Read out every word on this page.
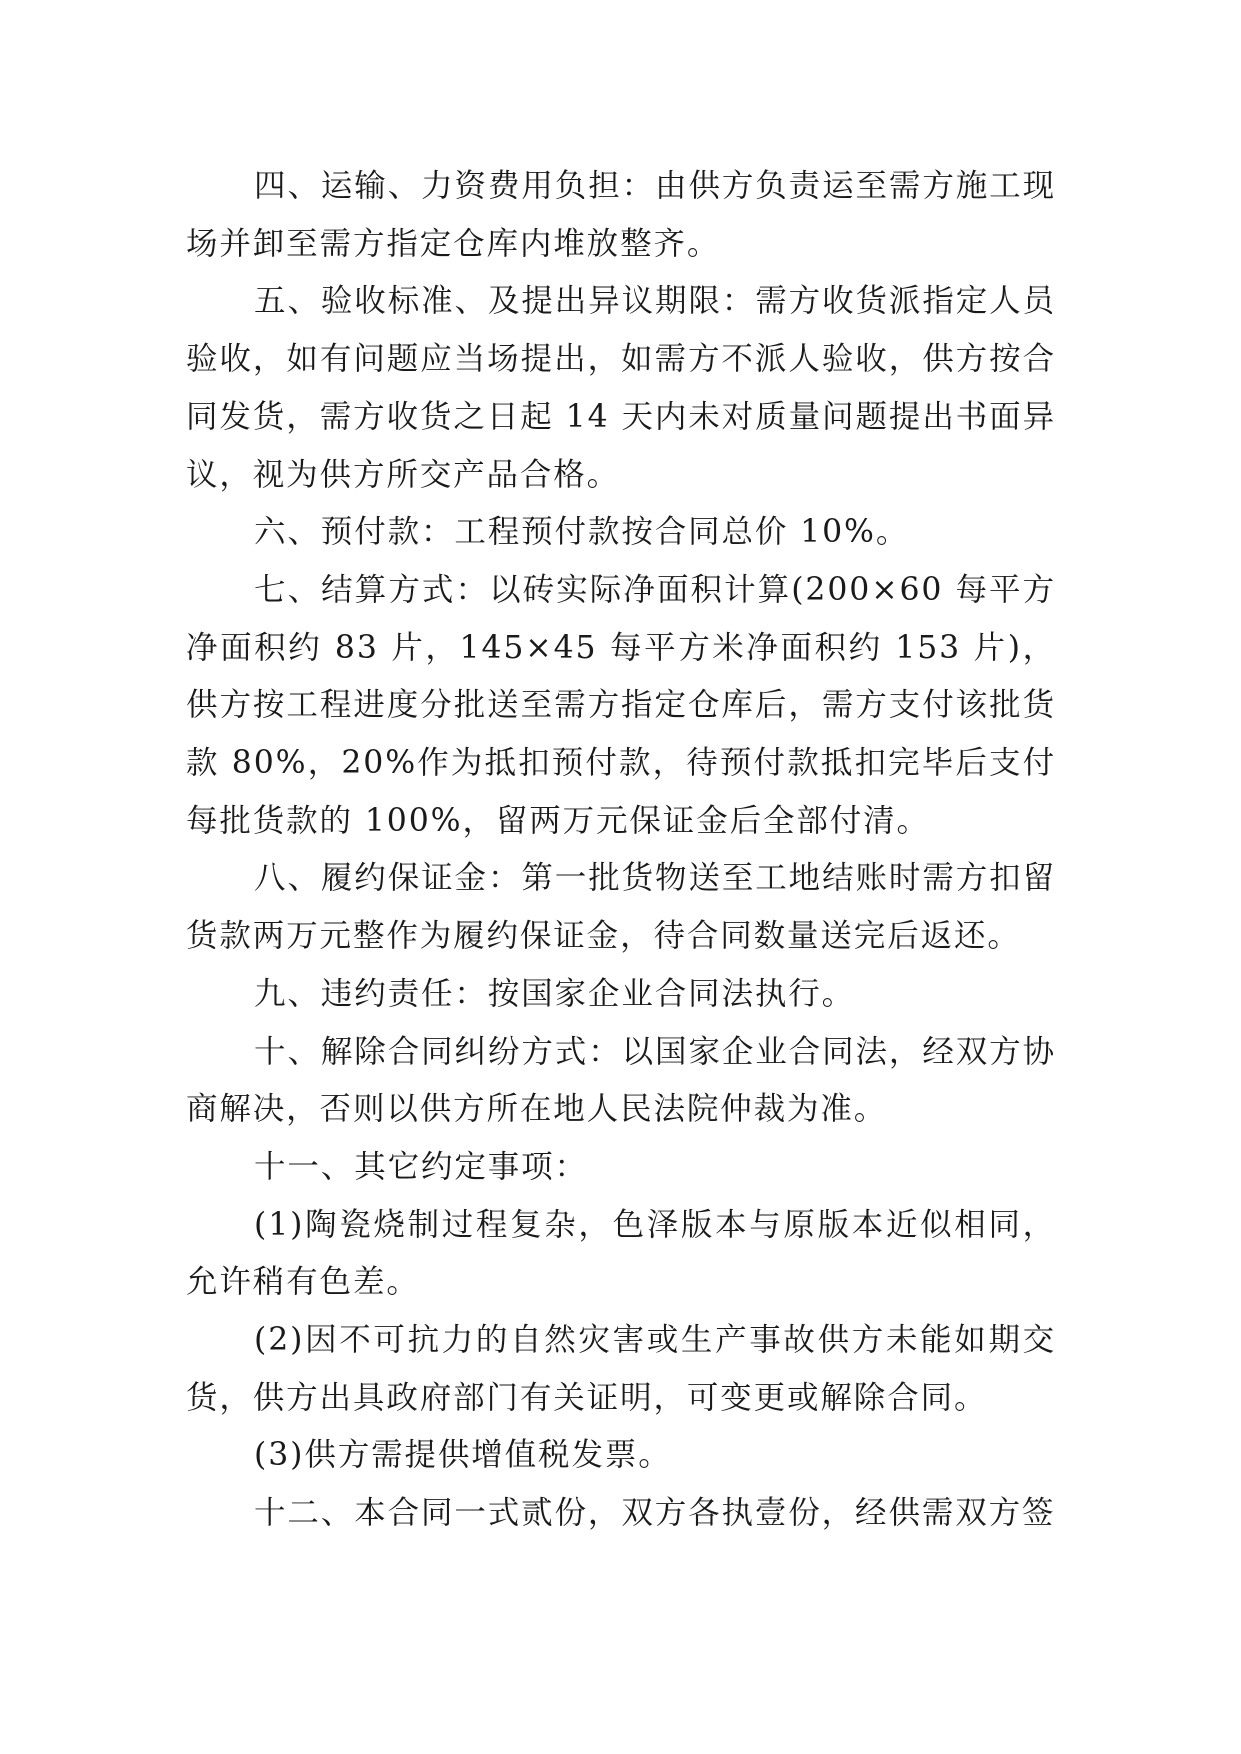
四、运输、力资费用负担：由供方负责运至需方施工现场并卸至需方指定仓库内堆放整齐。

五、验收标准、及提出异议期限：需方收货派指定人员验收，如有问题应当场提出，如需方不派人验收，供方按合同发货，需方收货之日起 14 天内未对质量问题提出书面异议，视为供方所交产品合格。

六、预付款：工程预付款按合同总价 10%。

七、结算方式：以砖实际净面积计算(200×60 每平方净面积约 83 片，145×45 每平方米净面积约 153 片)，供方按工程进度分批送至需方指定仓库后，需方支付该批货款 80%，20%作为抵扣预付款，待预付款抵扣完毕后支付每批货款的 100%，留两万元保证金后全部付清。

八、履约保证金：第一批货物送至工地结账时需方扣留货款两万元整作为履约保证金，待合同数量送完后返还。

九、违约责任：按国家企业合同法执行。

十、解除合同纠纷方式：以国家企业合同法，经双方协商解决，否则以供方所在地人民法院仲裁为准。

十一、其它约定事项：

(1)陶瓷烧制过程复杂，色泽版本与原版本近似相同，允许稍有色差。

(2)因不可抗力的自然灾害或生产事故供方未能如期交货，供方出具政府部门有关证明，可变更或解除合同。

(3)供方需提供增值税发票。

十二、本合同一式贰份，双方各执壹份，经供需双方签
